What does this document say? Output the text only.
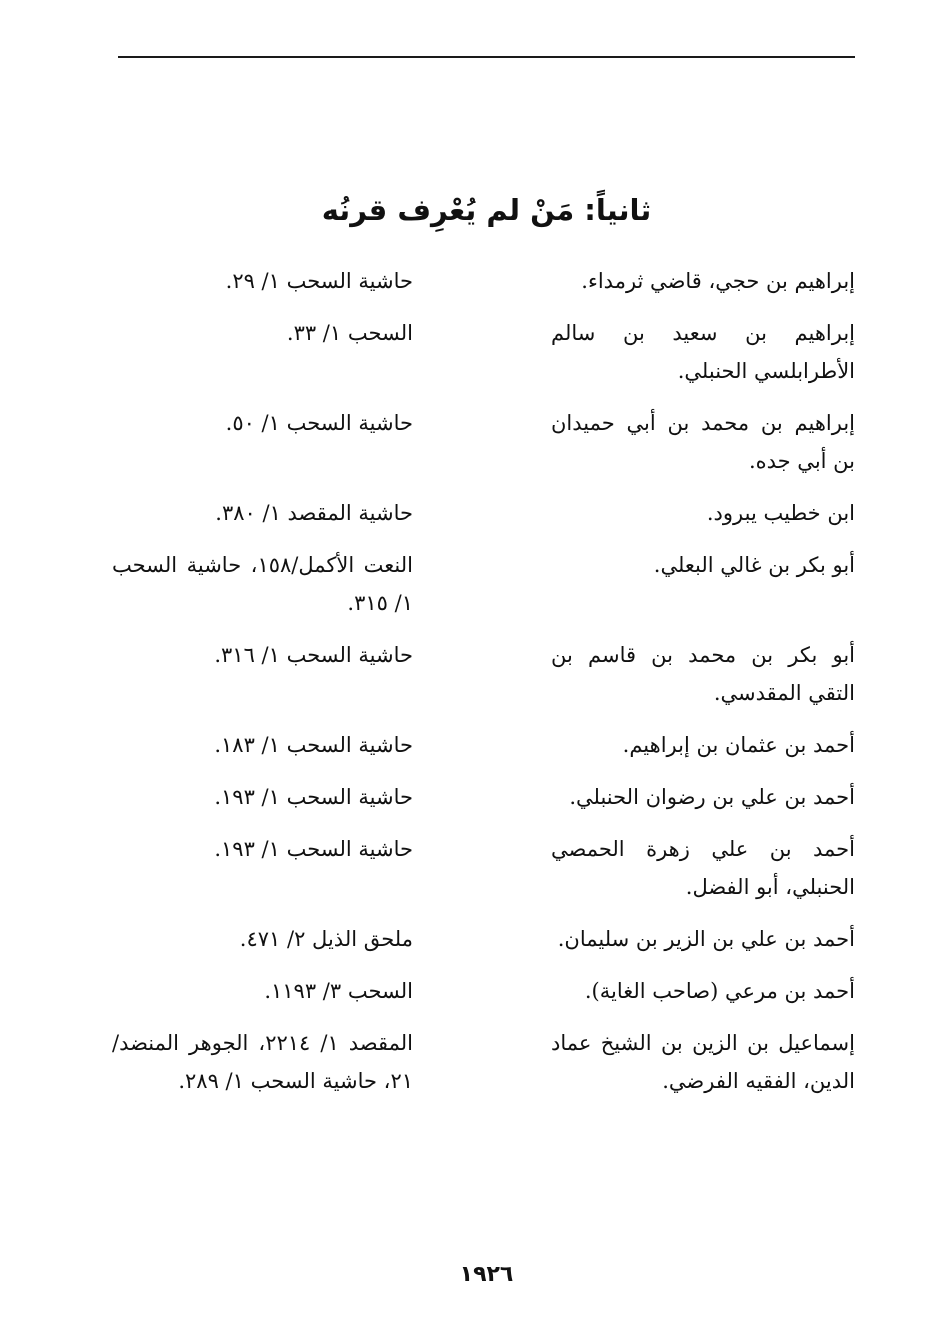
ثانياً: مَنْ لم يُعْرِف قرنُه
إبراهيم بن حجي، قاضي ثرمداء.
حاشية السحب ١/ ٢٩.
إبراهيم بن سعيد بن سالم الأطرابلسي الحنبلي.
السحب ١/ ٣٣.
إبراهيم بن محمد بن أبي حميدان بن أبي جده.
حاشية السحب ١/ ٥٠.
ابن خطيب يبرود.
حاشية المقصد ١/ ٣٨٠.
أبو بكر بن غالي البعلي.
النعت الأكمل/١٥٨، حاشية السحب ١/ ٣١٥.
أبو بكر بن محمد بن قاسم بن التقي المقدسي.
حاشية السحب ١/ ٣١٦.
أحمد بن عثمان بن إبراهيم.
حاشية السحب ١/ ١٨٣.
أحمد بن علي بن رضوان الحنبلي.
حاشية السحب ١/ ١٩٣.
أحمد بن علي زهرة الحمصي الحنبلي، أبو الفضل.
حاشية السحب ١/ ١٩٣.
أحمد بن علي بن الزير بن سليمان.
ملحق الذيل ٢/ ٤٧١.
أحمد بن مرعي (صاحب الغاية).
السحب ٣/ ١١٩٣.
إسماعيل بن الزين بن الشيخ عماد الدين، الفقيه الفرضي.
المقصد ١/ ٢٢١٤، الجوهر المنضد/ ٢١، حاشية السحب ١/ ٢٨٩.
١٩٢٦
